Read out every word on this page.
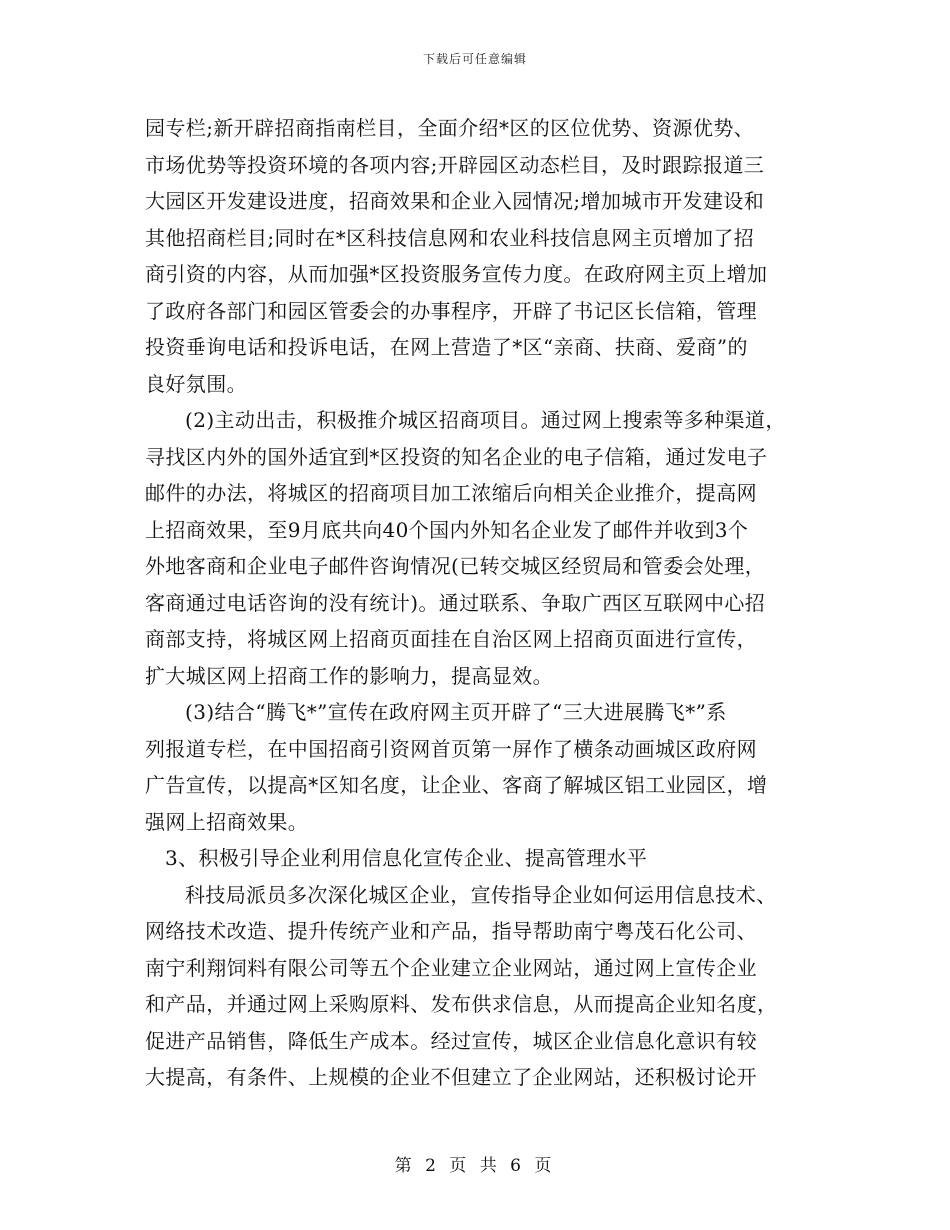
下载后可任意编辑
园专栏;新开辟招商指南栏目，全面介绍*区的区位优势、资源优势、
市场优势等投资环境的各项内容;开辟园区动态栏目，及时跟踪报道三
大园区开发建设进度，招商效果和企业入园情况;增加城市开发建设和
其他招商栏目;同时在*区科技信息网和农业科技信息网主页增加了招
商引资的内容，从而加强*区投资服务宣传力度。在政府网主页上增加
了政府各部门和园区管委会的办事程序，开辟了书记区长信箱，管理
投资垂询电话和投诉电话，在网上营造了*区“亲商、扶商、爱商”的
良好氛围。
(2)主动出击，积极推介城区招商项目。通过网上搜索等多种渠道，
寻找区内外的国外适宜到*区投资的知名企业的电子信箱，通过发电子
邮件的办法，将城区的招商项目加工浓缩后向相关企业推介，提高网
上招商效果，至9月底共向40个国内外知名企业发了邮件并收到3个
外地客商和企业电子邮件咨询情况(已转交城区经贸局和管委会处理，
客商通过电话咨询的没有统计)。通过联系、争取广西区互联网中心招
商部支持，将城区网上招商页面挂在自治区网上招商页面进行宣传，
扩大城区网上招商工作的影响力，提高显效。
(3)结合“腾飞*”宣传在政府网主页开辟了“三大进展腾飞*”系
列报道专栏，在中国招商引资网首页第一屏作了横条动画城区政府网
广告宣传，以提高*区知名度，让企业、客商了解城区铝工业园区，增
强网上招商效果。
3、积极引导企业利用信息化宣传企业、提高管理水平
科技局派员多次深化城区企业，宣传指导企业如何运用信息技术、
网络技术改造、提升传统产业和产品，指导帮助南宁粤茂石化公司、
南宁利翔饲料有限公司等五个企业建立企业网站，通过网上宣传企业
和产品，并通过网上采购原料、发布供求信息，从而提高企业知名度，
促进产品销售，降低生产成本。经过宣传，城区企业信息化意识有较
大提高，有条件、上规模的企业不但建立了企业网站，还积极讨论开
第 2 页 共 6 页
